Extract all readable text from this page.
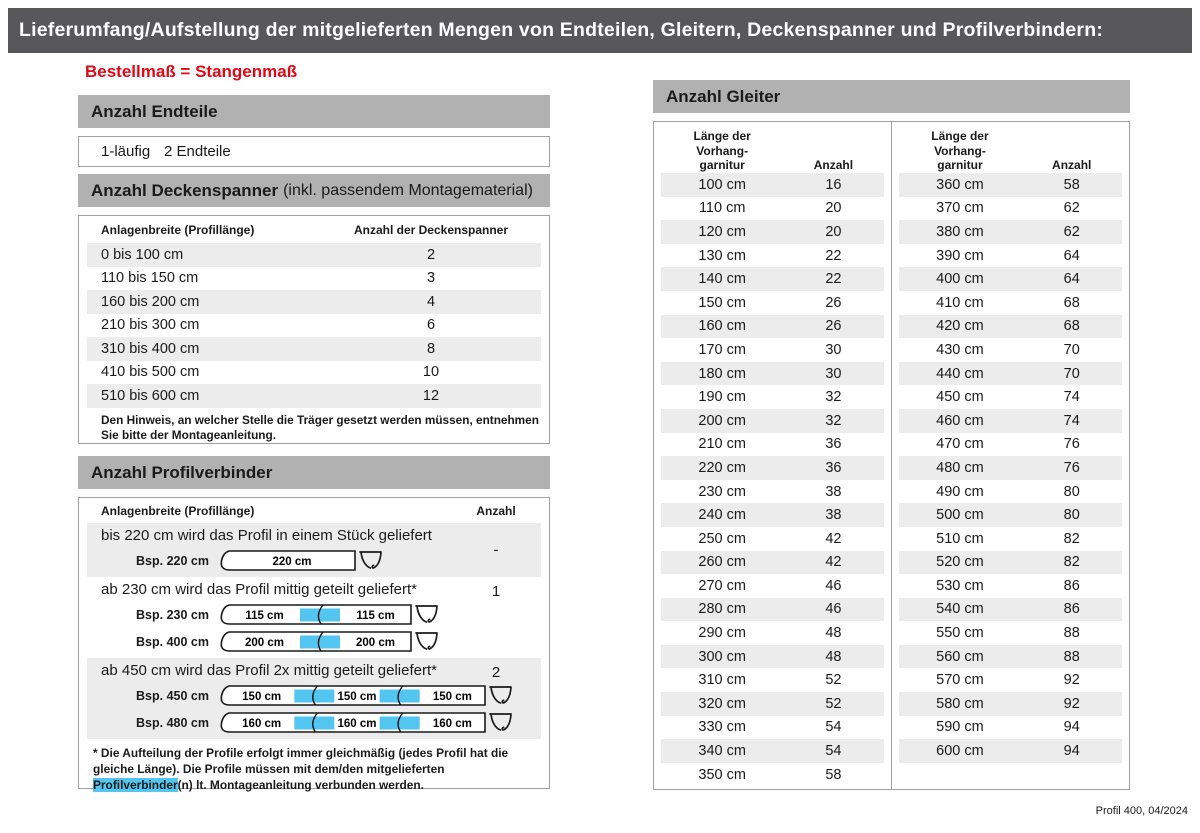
Lieferumfang/Aufstellung der mitgelieferten Mengen von Endteilen, Gleitern, Deckenspanner und Profilverbindern:
Bestellmaß = Stangenmaß
Anzahl Endteile
1-läufig 2 Endteile
Anzahl Deckenspanner (inkl. passendem Montagematerial)
Anlagenbreite (Profillänge)	Anzahl der Deckenspanner
0 bis 100 cm	2
110 bis 150 cm	3
160 bis 200 cm	4
210 bis 300 cm	6
310 bis 400 cm	8
410 bis 500 cm	10
510 bis 600 cm	12
Den Hinweis, an welcher Stelle die Träger gesetzt werden müssen, entnehmen Sie bitte der Montageanleitung.
Anzahl Profilverbinder
Anlagenbreite (Profillänge)	Anzahl
bis 220 cm wird das Profil in einem Stück geliefert
-
Bsp. 220 cm	220 cm
ab 230 cm wird das Profil mittig geteilt geliefert*	1
Bsp. 230 cm	115 cm	115 cm
Bsp. 400 cm	200 cm	200 cm
ab 450 cm wird das Profil 2x mittig geteilt geliefert*	2
Bsp. 450 cm	150 cm	150 cm	150 cm
Bsp. 480 cm	160 cm	160 cm	160 cm
* Die Aufteilung der Profile erfolgt immer gleichmäßig (jedes Profil hat die gleiche Länge). Die Profile müssen mit dem/den mitgelieferten Profilverbinder(n) lt. Montageanleitung verbunden werden.
Anzahl Gleiter
Länge der
Vorhang-
garnitur	Anzahl
100 cm	16
110 cm	20
120 cm	20
130 cm	22
140 cm	22
150 cm	26
160 cm	26
170 cm	30
180 cm	30
190 cm	32
200 cm	32
210 cm	36
220 cm	36
230 cm	38
240 cm	38
250 cm	42
260 cm	42
270 cm	46
280 cm	46
290 cm	48
300 cm	48
310 cm	52
320 cm	52
330 cm	54
340 cm	54
350 cm	58
Länge der
Vorhang-
garnitur	Anzahl
360 cm	58
370 cm	62
380 cm	62
390 cm	64
400 cm	64
410 cm	68
420 cm	68
430 cm	70
440 cm	70
450 cm	74
460 cm	74
470 cm	76
480 cm	76
490 cm	80
500 cm	80
510 cm	82
520 cm	82
530 cm	86
540 cm	86
550 cm	88
560 cm	88
570 cm	92
580 cm	92
590 cm	94
600 cm	94
Profil 400, 04/2024
